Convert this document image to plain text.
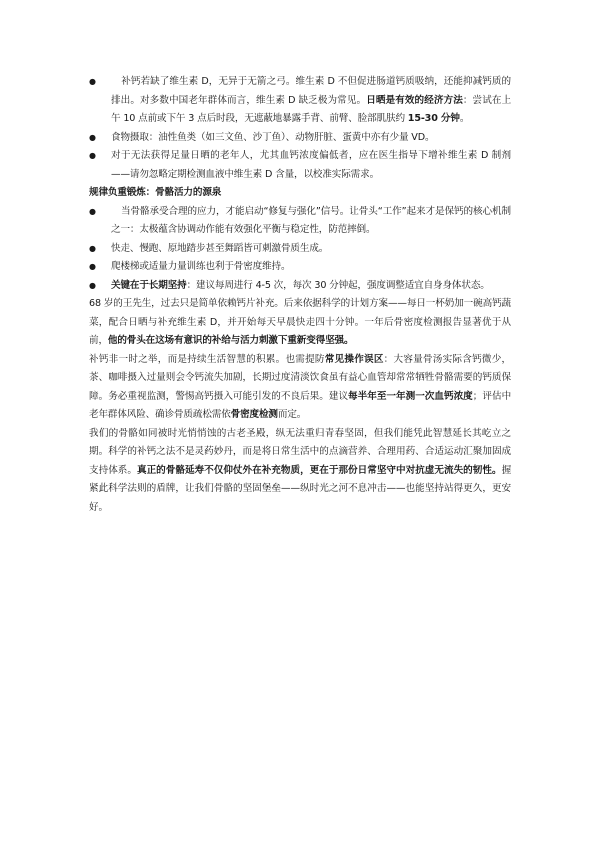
●	补钙若缺了维生素 D，无异于无箭之弓。维生素 D 不但促进肠道钙质吸纳，还能抑减钙质的排出。对多数中国老年群体而言，维生素 D 缺乏极为常见。日晒是有效的经济方法：尝试在上午 10 点前或下午 3 点后时段，无遮蔽地暴露手背、前臂、脸部肌肤约 15-30 分钟。

●	食物摄取：油性鱼类（如三文鱼、沙丁鱼）、动物肝脏、蛋黄中亦有少量 VD。

●	对于无法获得足量日晒的老年人，尤其血钙浓度偏低者，应在医生指导下增补维生素 D 制剂——请勿忽略定期检测血液中维生素 D 含量，以校准实际需求。

规律负重锻炼：骨骼活力的源泉

●	当骨骼承受合理的应力，才能启动“修复与强化”信号。让骨头“工作”起来才是保钙的核心机制之一：太极蕴含协调动作能有效强化平衡与稳定性，防范摔倒。

●	快走、慢跑、原地踏步甚至舞蹈皆可刺激骨质生成。

●	爬楼梯或适量力量训练也利于骨密度维持。

●	关键在于长期坚持：建议每周进行 4-5 次，每次 30 分钟起，强度调整适宜自身身体状态。

68 岁的王先生，过去只是简单依赖钙片补充。后来依据科学的计划方案——每日一杯奶加一碗高钙蔬菜，配合日晒与补充维生素 D，并开始每天早晨快走四十分钟。一年后骨密度检测报告显著优于从前，他的骨头在这场有意识的补给与活力刺激下重新变得坚强。

补钙非一时之举，而是持续生活智慧的积累。也需提防常见操作误区：大容量骨汤实际含钙微少，茶、咖啡摄入过量则会令钙流失加剧，长期过度清淡饮食虽有益心血管却常常牺牲骨骼需要的钙质保障。务必重视监测，警惕高钙摄入可能引发的不良后果。建议每半年至一年测一次血钙浓度；评估中老年群体风险、确诊骨质疏松需依骨密度检测而定。

我们的骨骼如同被时光悄悄蚀的古老圣殿，纵无法重归青春坚固，但我们能凭此智慧延长其屹立之期。科学的补钙之法不是灵药妙丹，而是将日常生活中的点滴营养、合理用药、合适运动汇聚加固成支持体系。真正的骨骼延寿不仅仰仗外在补充物质，更在于那份日常坚守中对抗虚无流失的韧性。握紧此科学法则的盾牌，让我们骨骼的坚固堡垒——纵时光之河不息冲击——也能坚持站得更久，更安好。
